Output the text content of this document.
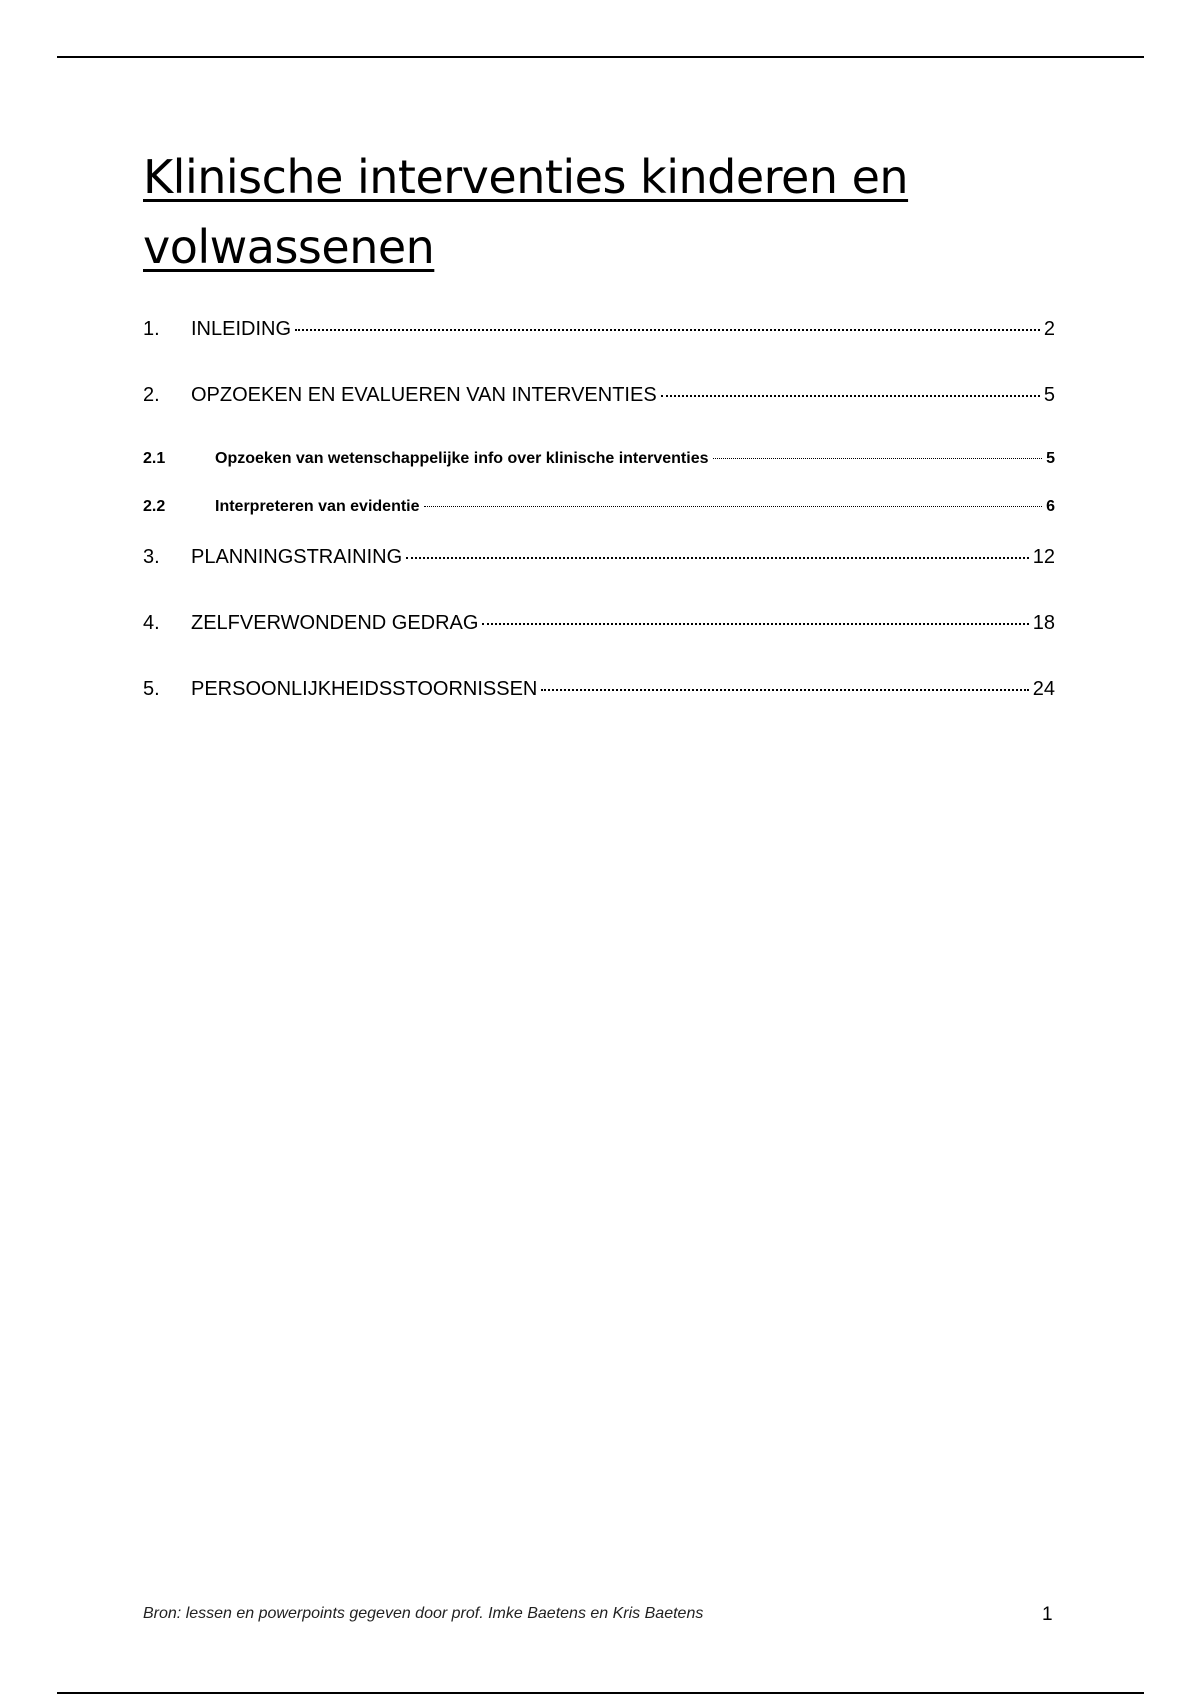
Klinische interventies kinderen en
volwassenen
1.	INLEIDING	2
2.	OPZOEKEN EN EVALUEREN VAN INTERVENTIES	5
2.1	Opzoeken van wetenschappelijke info over klinische interventies	5
2.2	Interpreteren van evidentie	6
3.	PLANNINGSTRAINING	12
4.	ZELFVERWONDEND GEDRAG	18
5.	PERSOONLIJKHEIDSSTOORNISSEN	24
Bron: lessen en powerpoints gegeven door prof. Imke Baetens en Kris Baetens	1
